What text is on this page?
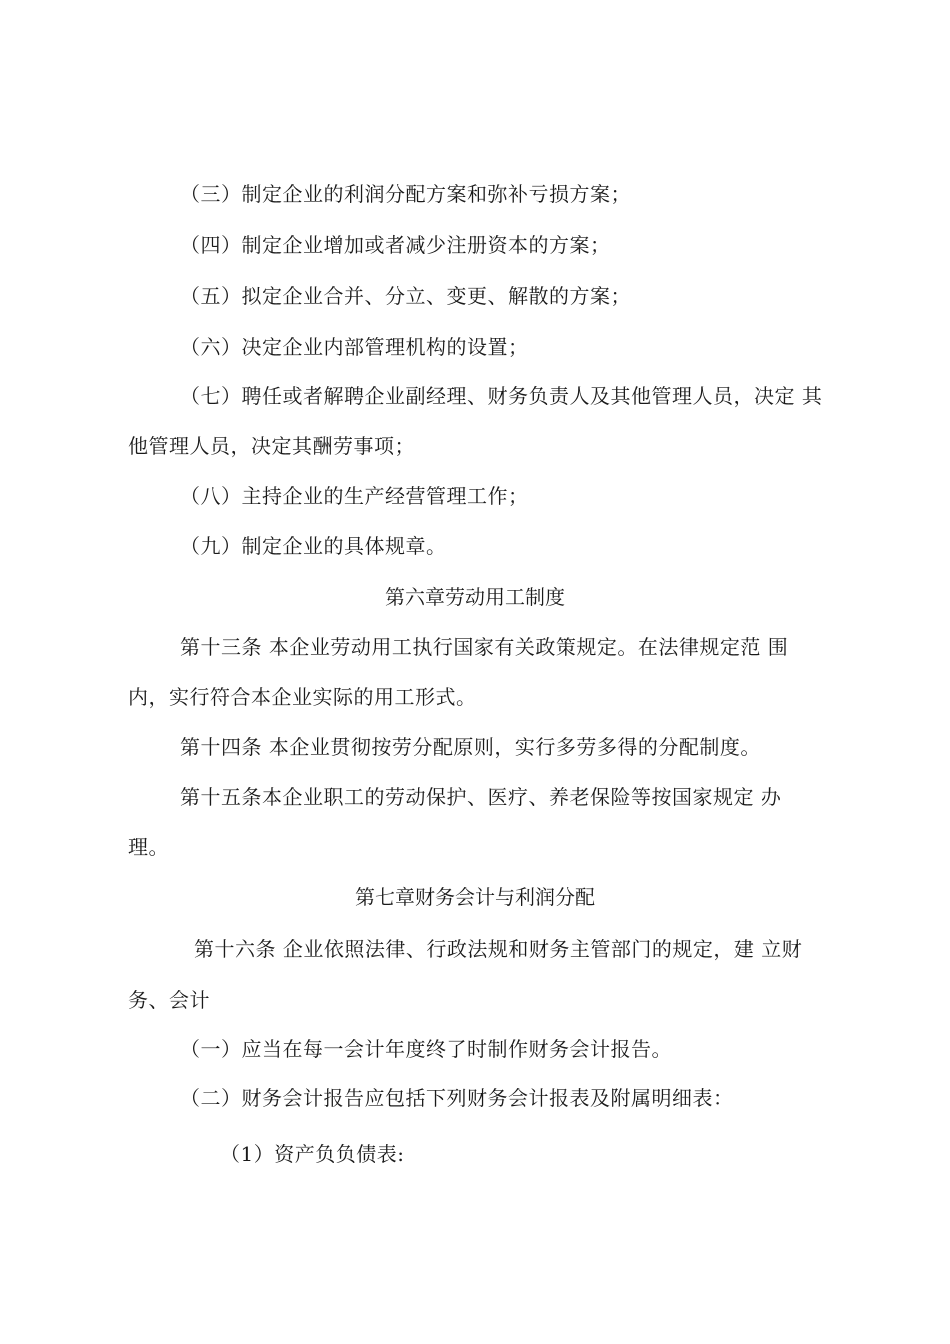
（三）制定企业的利润分配方案和弥补亏损方案；
（四）制定企业增加或者减少注册资本的方案；
（五）拟定企业合并、分立、变更、解散的方案；
（六）决定企业内部管理机构的设置；
（七）聘任或者解聘企业副经理、财务负责人及其他管理人员，决定 其
他管理人员，决定其酬劳事项；
（八）主持企业的生产经营管理工作；
（九）制定企业的具体规章。
第六章劳动用工制度
第十三条 本企业劳动用工执行国家有关政策规定。在法律规定范 围
内，实行符合本企业实际的用工形式。
第十四条 本企业贯彻按劳分配原则，实行多劳多得的分配制度。
第十五条本企业职工的劳动保护、医疗、养老保险等按国家规定 办
理。
第七章财务会计与利润分配
第十六条 企业依照法律、行政法规和财务主管部门的规定，建 立财
务、会计
（一）应当在每一会计年度终了时制作财务会计报告。
（二）财务会计报告应包括下列财务会计报表及附属明细表：
（1）资产负负债表:
